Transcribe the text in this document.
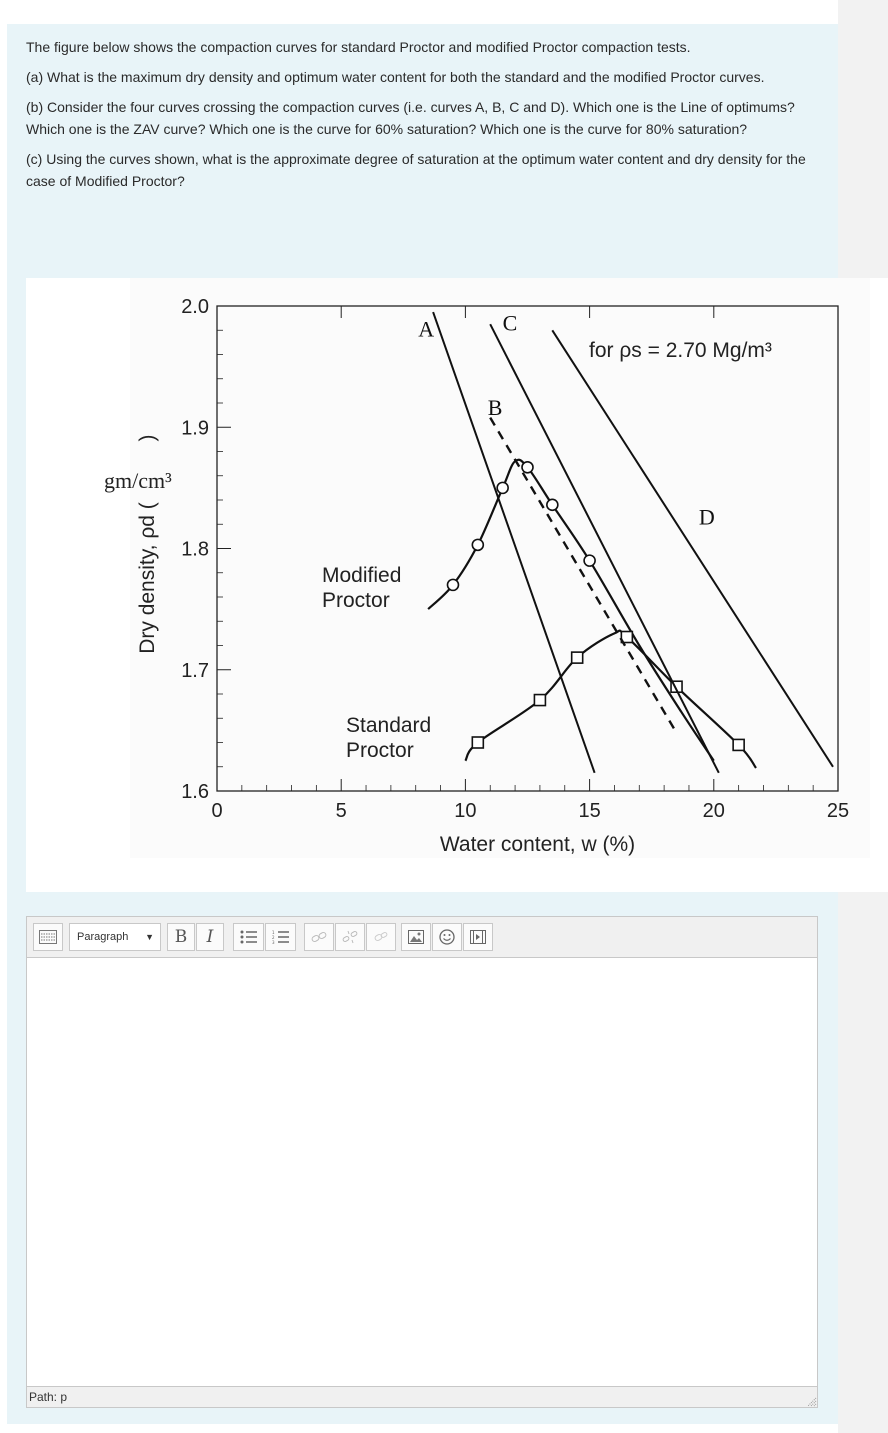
The figure below shows the compaction curves for standard Proctor and modified Proctor compaction tests.

(a) What is the maximum dry density and optimum water content for both the standard and the modified Proctor curves.

(b) Consider the four curves crossing the compaction curves (i.e. curves A, B, C and D). Which one is the Line of optimums? Which one is the ZAV curve? Which one is the curve for 60% saturation? Which one is the curve for 80% saturation?

(c) Using the curves shown, what is the approximate degree of saturation at the optimum water content and dry density for the case of Modified Proctor?

0	5	10	15	20	25
1.6
1.7
1.8
1.9
2.0
Water content, w (%)
Dry density, ρd (
)
gm/cm³
for ρs = 2.70 Mg/m³
A
B
C
D
Modified Proctor
Standard Proctor
Paragraph ▼	B	I	1
2
3
Path: p
